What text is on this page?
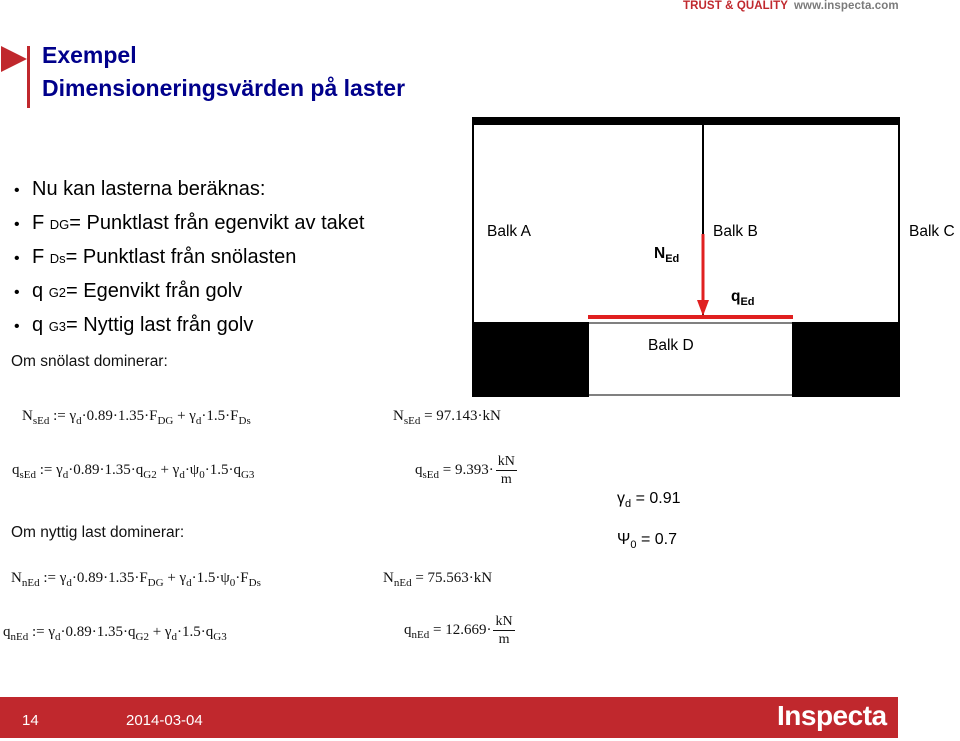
TRUST & QUALITY www.inspecta.com
Exempel
Dimensioneringsvärden på laster
• Nu kan lasterna beräknas:
• F
DG = Punktlast från egenvikt av taket
• F
Ds = Punktlast från snölasten
• q
G2 = Egenvikt från golv
• q
G3 = Nyttig last från golv
Balk A	Balk B	Balk C
Balk D
$N_{Ed}$
$q_{Ed}$
Om snölast dominerar:
Om nyttig last dominerar:
$N_{sEd}$ := $\gamma_d\cdot 0.89\cdot 1.35\cdot F_{DG} + \gamma_d\cdot 1.5\cdot F_{Ds}$
$q_{sEd}$ := $\gamma_d\cdot 0.89\cdot 1.35\cdot q_{G2} + \gamma_d\cdot\psi_0\cdot 1.5\cdot q_{G3}$
$N_{nEd}$ := $\gamma_d\cdot 0.89\cdot 1.35\cdot F_{DG} + \gamma_d\cdot 1.5\cdot\psi_0\cdot F_{Ds}$
$q_{nEd}$ := $\gamma_d\cdot 0.89\cdot 1.35\cdot q_{G2} + \gamma_d\cdot 1.5\cdot q_{G3}$
$N_{sEd} = 97.143\cdot kN$
$q_{sEd} = 9.393\cdot \frac{kN}{m}$
$N_{nEd} = 75.563\cdot kN$
$q_{nEd} = 12.669\cdot \frac{kN}{m}$
$\gamma_d = 0.91$
$\Psi_0 = 0.7$
14	2014-03-04	Inspecta
